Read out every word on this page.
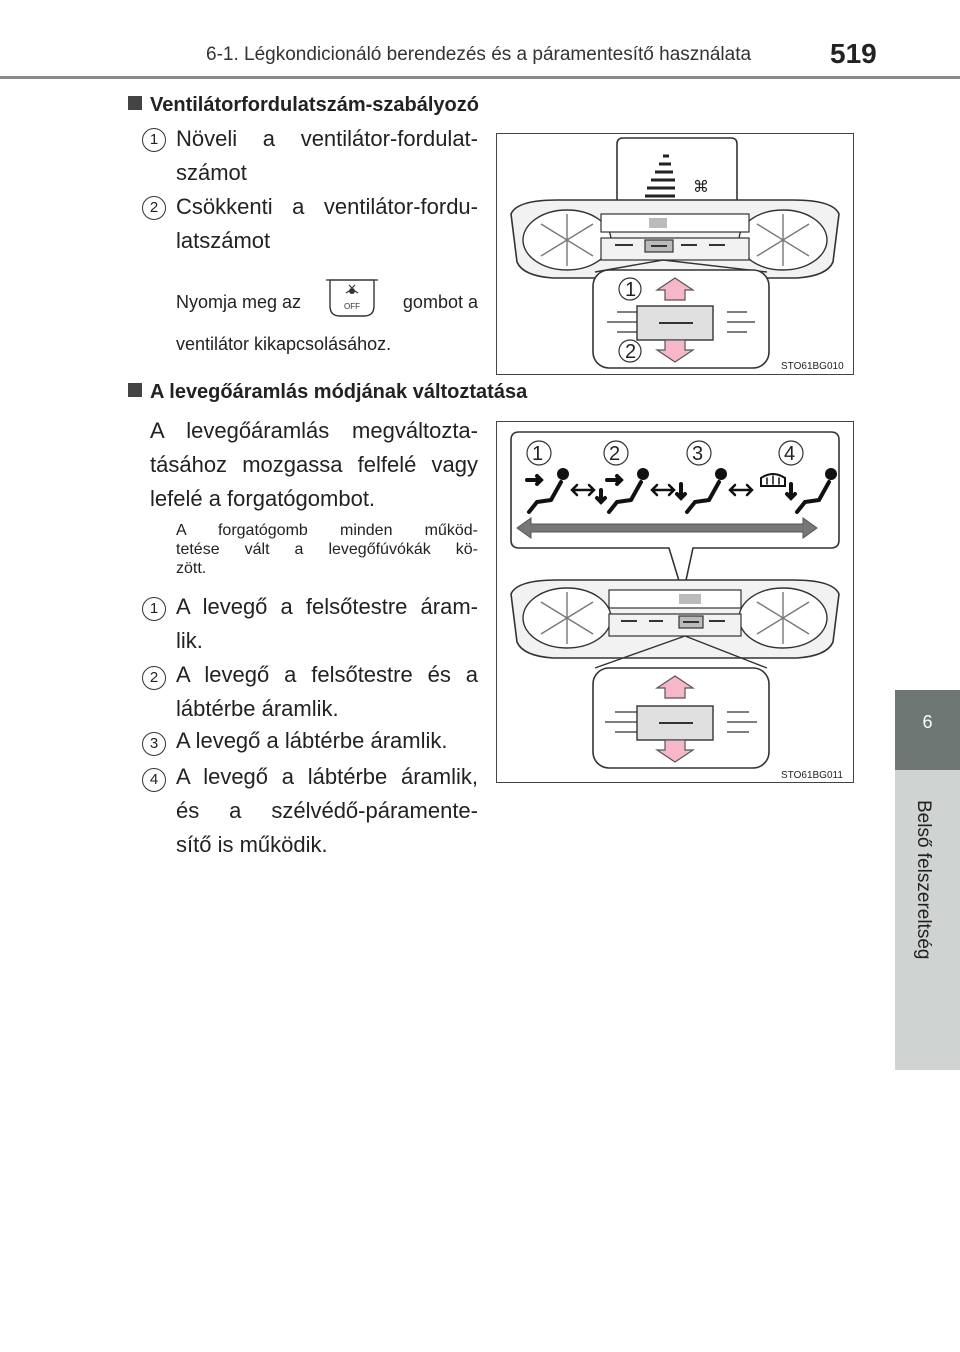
6-1. Légkondicionáló berendezés és a páramentesítő használata	519
6
Belső felszereltség
Ventilátorfordulatszám-szabályozó
1 Növeli a ventilátor-fordulat-
számot
2 Csökkenti a ventilátor-fordu-
latszámot
Nyomja meg az	OFF gombot a
ventilátor kikapcsolásához.
⌘
1
2
STO61BG010
A levegőáramlás módjának változtatása
A levegőáramlás megváltozta-
tásához mozgassa felfelé vagy
lefelé a forgatógombot.
A forgatógomb minden működ-
tetése vált a levegőfúvókák kö-
zött.
1 A levegő a felsőtestre áram-
lik.
2 A levegő a felsőtestre és a
lábtérbe áramlik.
3 A levegő a lábtérbe áramlik.
4 A levegő a lábtérbe áramlik,
és a szélvédő-páramente-
sítő is működik.
1	2	3	4
STO61BG011
